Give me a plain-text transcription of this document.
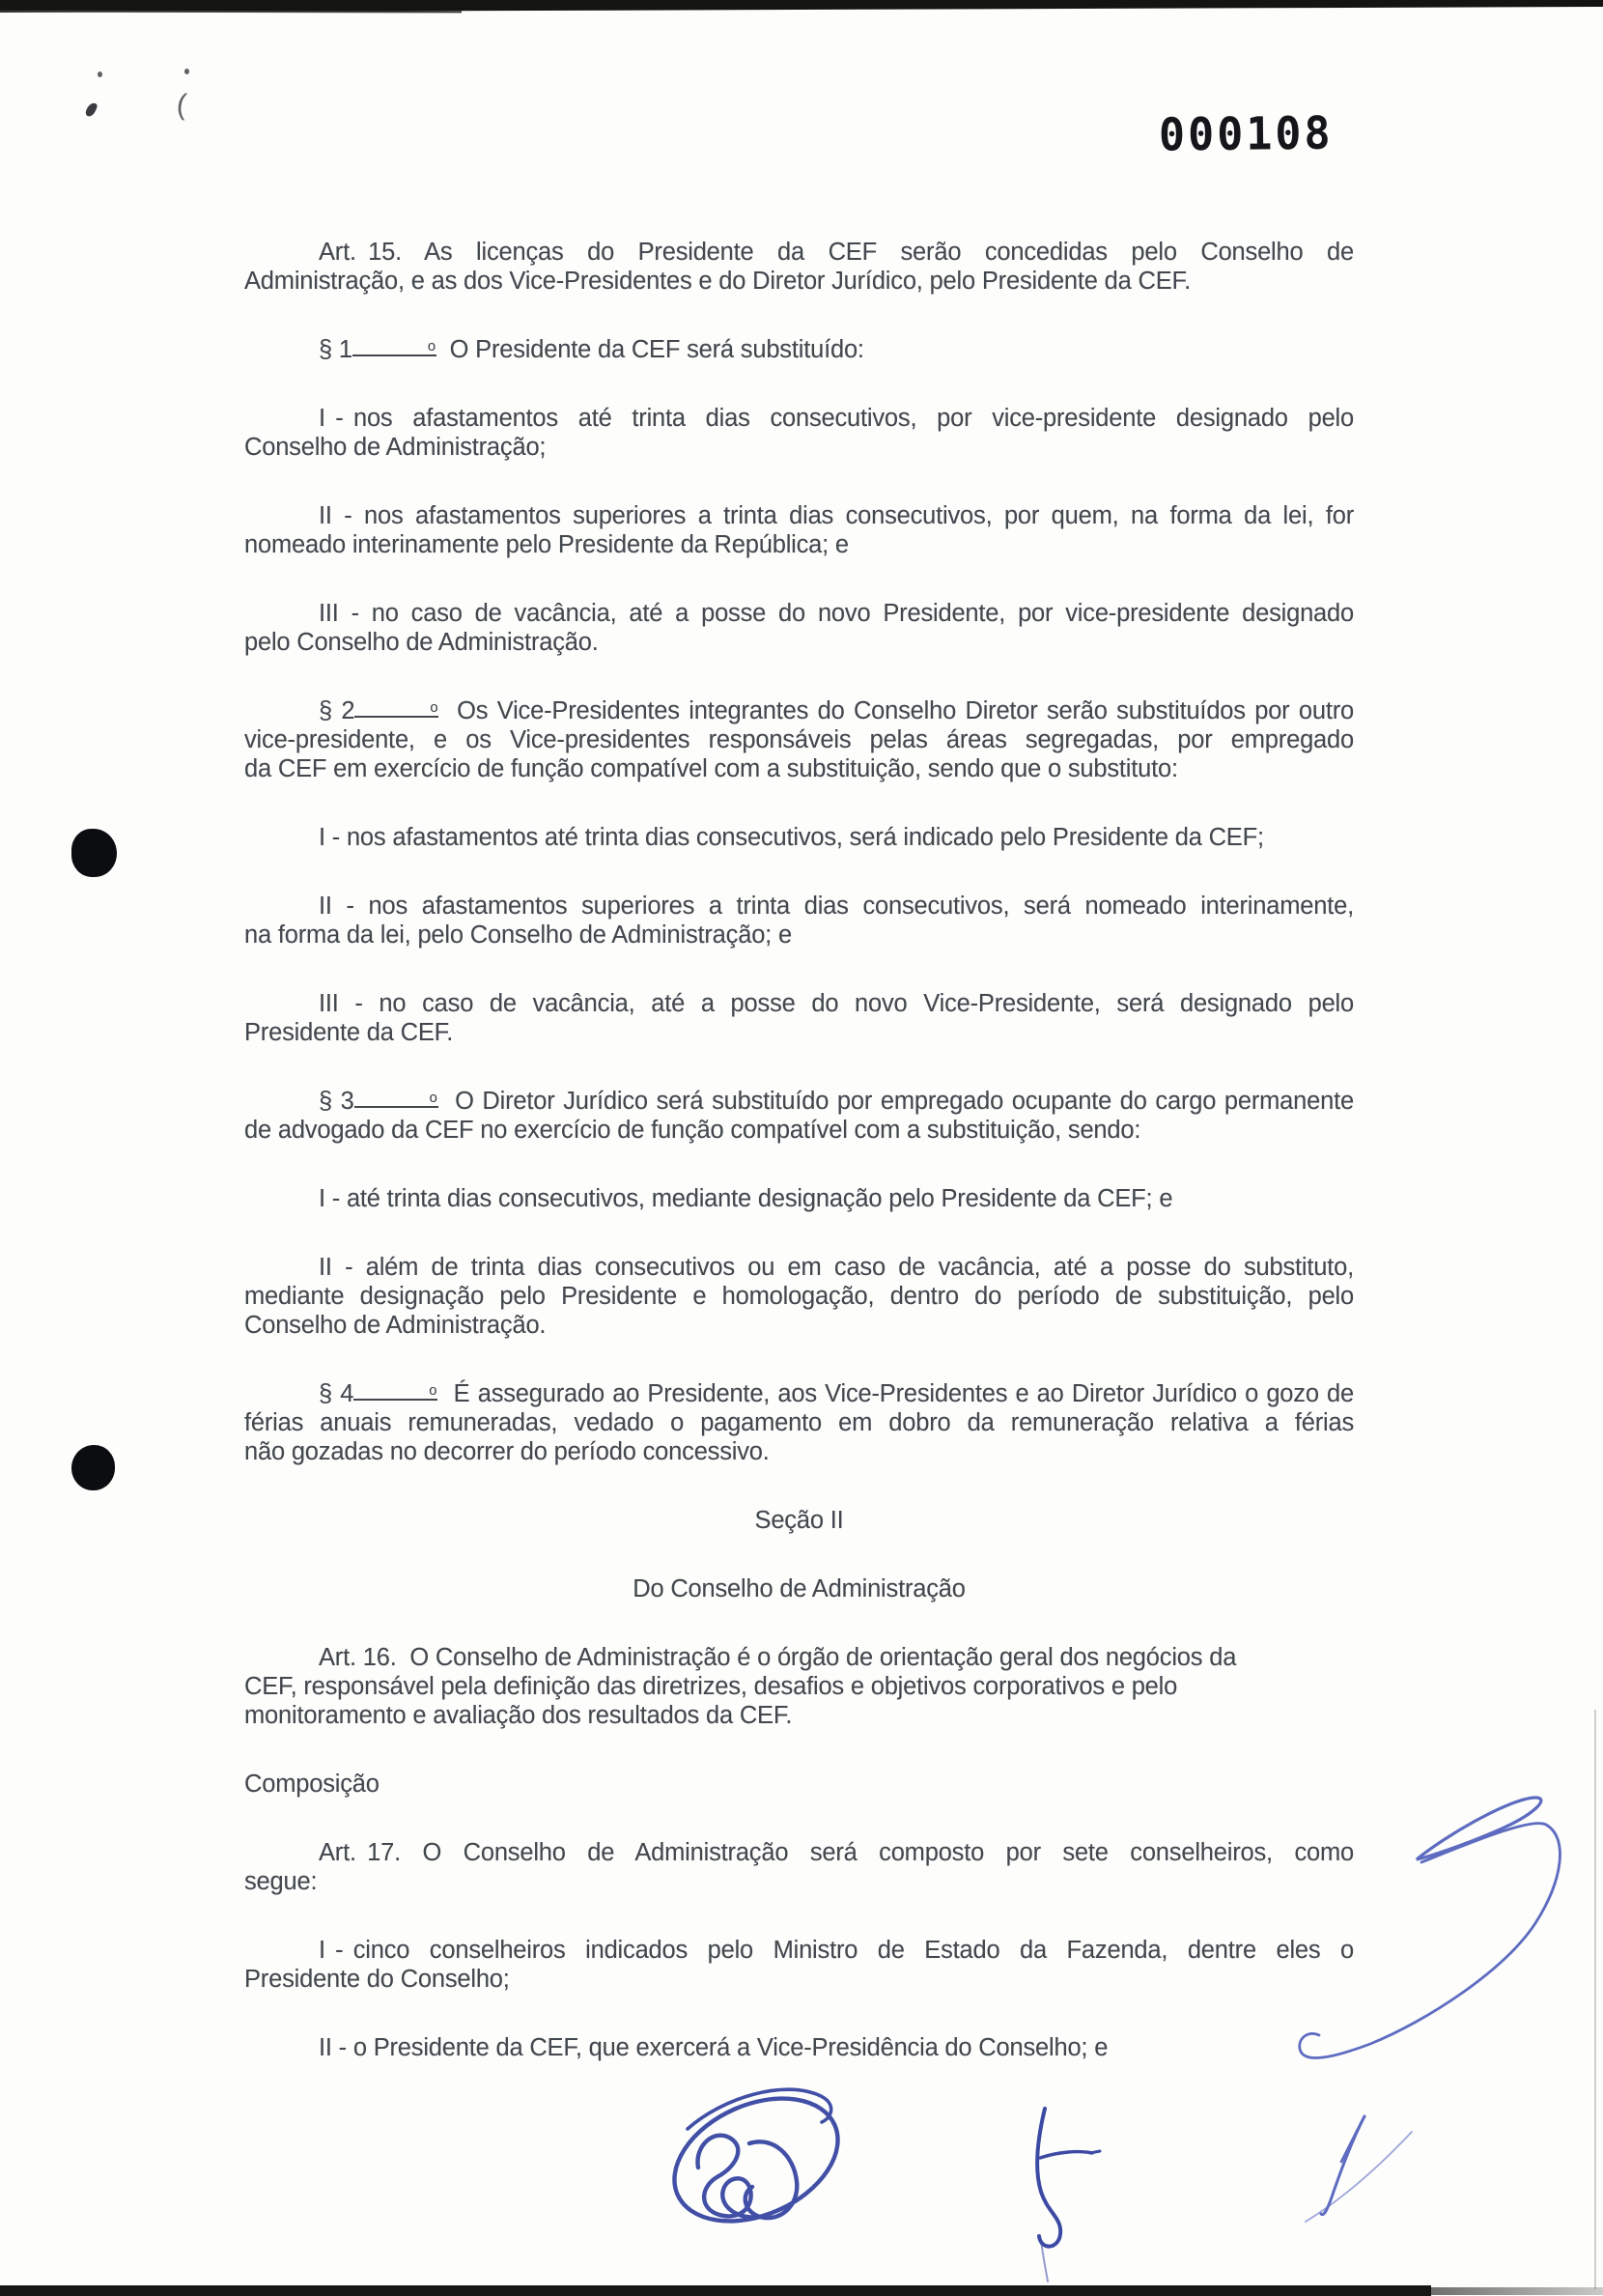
(
000108
Art. 15.  As  licenças  do  Presidente  da  CEF  serão  concedidas  pelo  Conselho  de
Administração, e as dos Vice-Presidentes e do Diretor Jurídico, pelo Presidente da CEF.
§ 1	o  O Presidente da CEF será substituído:
I - nos  afastamentos  até  trinta  dias  consecutivos,  por  vice-presidente  designado  pelo
Conselho de Administração;
II - nos afastamentos superiores a trinta dias consecutivos, por quem, na forma da lei, for
nomeado interinamente pelo Presidente da República; e
III - no caso de vacância, até a posse do novo Presidente, por vice-presidente designado
pelo Conselho de Administração.
§ 2	o  Os Vice-Presidentes integrantes do Conselho Diretor serão substituídos por outro
vice-presidente, e os Vice-presidentes responsáveis pelas áreas segregadas, por empregado
da CEF em exercício de função compatível com a substituição, sendo que o substituto:
I - nos afastamentos até trinta dias consecutivos, será indicado pelo Presidente da CEF;
II - nos afastamentos superiores a trinta dias consecutivos, será nomeado interinamente,
na forma da lei, pelo Conselho de Administração; e
III - no caso de vacância, até a posse do novo Vice-Presidente, será designado pelo
Presidente da CEF.
§ 3	o  O Diretor Jurídico será substituído por empregado ocupante do cargo permanente
de advogado da CEF no exercício de função compatível com a substituição, sendo:
I - até trinta dias consecutivos, mediante designação pelo Presidente da CEF; e
II - além de trinta dias consecutivos ou em caso de vacância, até a posse do substituto,
mediante designação pelo Presidente e homologação, dentro do período de substituição, pelo
Conselho de Administração.
§ 4	o  É assegurado ao Presidente, aos Vice-Presidentes e ao Diretor Jurídico o gozo de
férias anuais remuneradas, vedado o pagamento em dobro da remuneração relativa a férias
não gozadas no decorrer do período concessivo.
Seção II
Do Conselho de Administração
Art. 16.  O Conselho de Administração é o órgão de orientação geral dos negócios da
CEF, responsável pela definição das diretrizes, desafios e objetivos corporativos e pelo
monitoramento e avaliação dos resultados da CEF.
Composição
Art. 17.  O  Conselho  de  Administração  será  composto  por  sete  conselheiros,  como
segue:
I - cinco  conselheiros  indicados  pelo  Ministro  de  Estado  da  Fazenda,  dentre  eles  o
Presidente do Conselho;
II - o Presidente da CEF, que exercerá a Vice-Presidência do Conselho; e
